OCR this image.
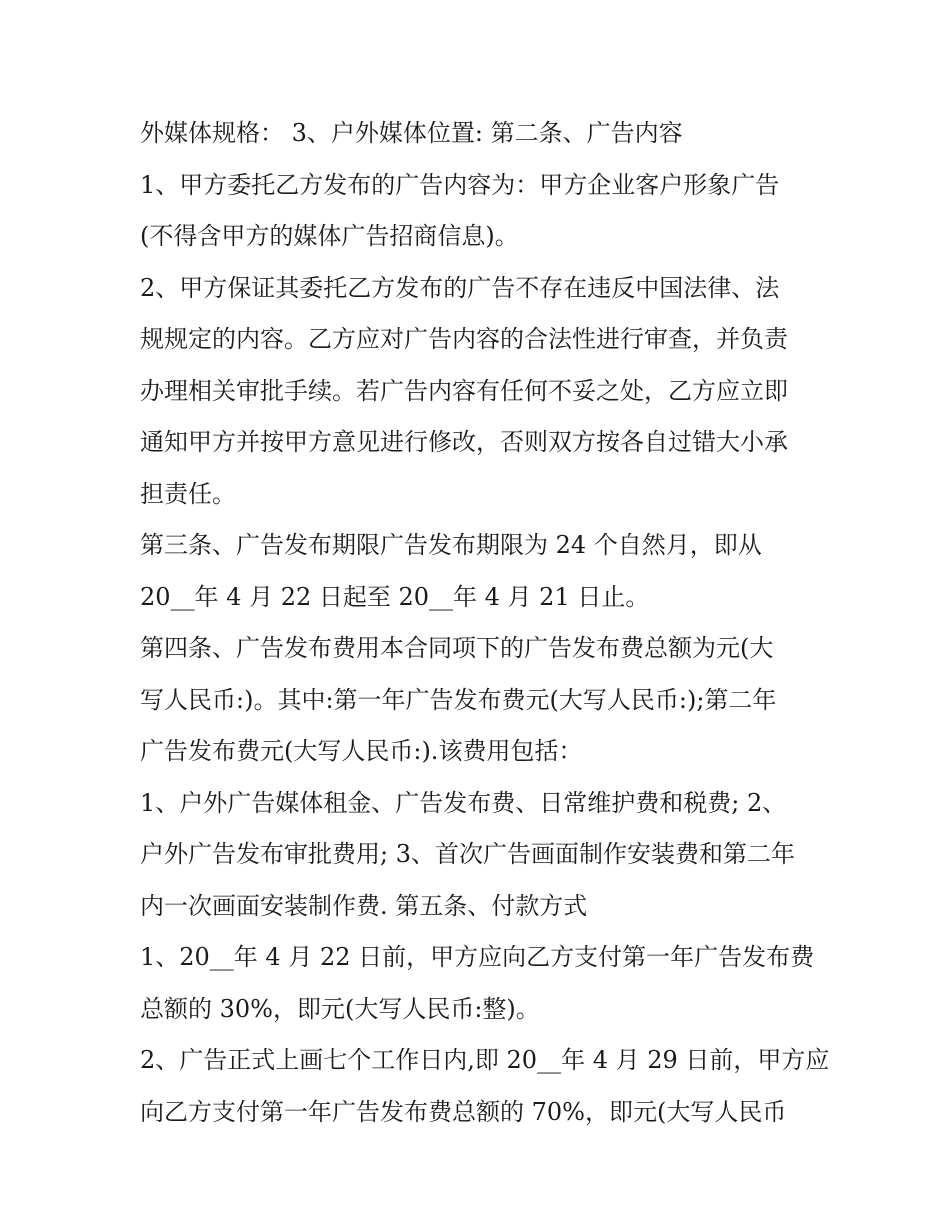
外媒体规格： 3、户外媒体位置: 第二条、广告内容
1、甲方委托乙方发布的广告内容为：甲方企业客户形象广告
(不得含甲方的媒体广告招商信息)。
2、甲方保证其委托乙方发布的广告不存在违反中国法律、法
规规定的内容。乙方应对广告内容的合法性进行审查，并负责
办理相关审批手续。若广告内容有任何不妥之处，乙方应立即
通知甲方并按甲方意见进行修改，否则双方按各自过错大小承
担责任。
第三条、广告发布期限广告发布期限为 24 个自然月，即从
20__年 4 月 22 日起至 20__年 4 月 21 日止。
第四条、广告发布费用本合同项下的广告发布费总额为元(大
写人民币:)。其中:第一年广告发布费元(大写人民币:);第二年
广告发布费元(大写人民币:).该费用包括：
1、户外广告媒体租金、广告发布费、日常维护费和税费; 2、
户外广告发布审批费用; 3、首次广告画面制作安装费和第二年
内一次画面安装制作费. 第五条、付款方式
1、20__年 4 月 22 日前，甲方应向乙方支付第一年广告发布费
总额的 30%，即元(大写人民币:整)。
2、广告正式上画七个工作日内,即 20__年 4 月 29 日前，甲方应
向乙方支付第一年广告发布费总额的 70%，即元(大写人民币
